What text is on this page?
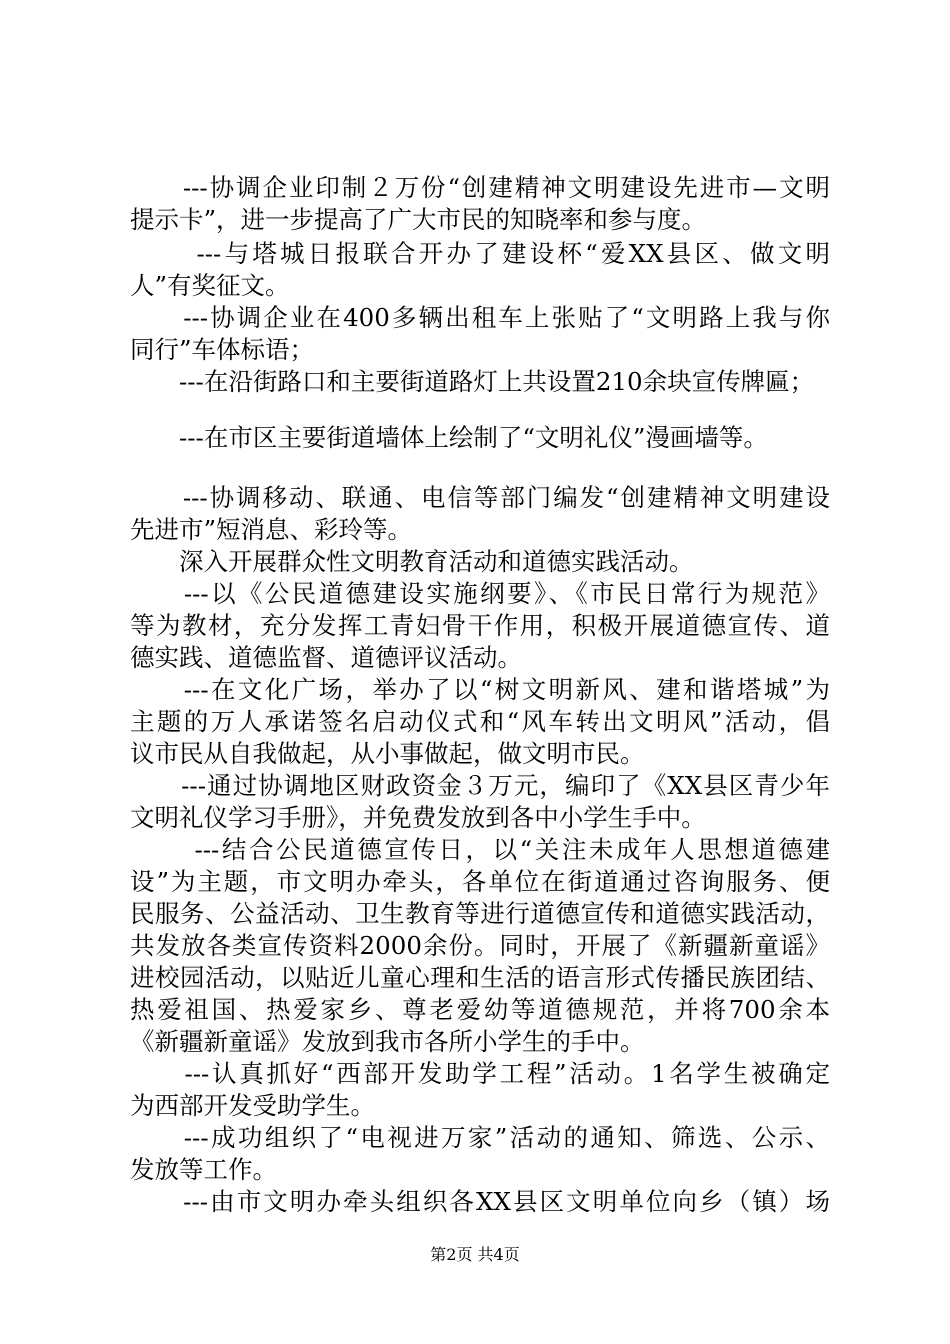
　　---协调企业印制２万份“创建精神文明建设先进市—文明
提示卡”，进一步提高了广大市民的知晓率和参与度。
　　 ---与塔城日报联合开办了建设杯“爱XX县区、做文明
人”有奖征文。
　　---协调企业在400多辆出租车上张贴了“文明路上我与你
同行”车体标语；
　　---在沿街路口和主要街道路灯上共设置210余块宣传牌匾；
　　---在市区主要街道墙体上绘制了“文明礼仪”漫画墙等。
　　---协调移动、联通、电信等部门编发“创建精神文明建设
先进市”短消息、彩玲等。
　　深入开展群众性文明教育活动和道德实践活动。
　　---以《公民道德建设实施纲要》、《市民日常行为规范》
等为教材，充分发挥工青妇骨干作用，积极开展道德宣传、道
德实践、道德监督、道德评议活动。
　　---在文化广场，举办了以“树文明新风、建和谐塔城”为
主题的万人承诺签名启动仪式和“风车转出文明风”活动，倡
议市民从自我做起，从小事做起，做文明市民。
　　---通过协调地区财政资金３万元，编印了《XX县区青少年
文明礼仪学习手册》，并免费发放到各中小学生手中。
　　 ---结合公民道德宣传日，以“关注未成年人思想道德建
设”为主题，市文明办牵头，各单位在街道通过咨询服务、便
民服务、公益活动、卫生教育等进行道德宣传和道德实践活动，
共发放各类宣传资料2000余份。同时，开展了《新疆新童谣》
进校园活动，以贴近儿童心理和生活的语言形式传播民族团结、
热爱祖国、热爱家乡、尊老爱幼等道德规范，并将700余本
《新疆新童谣》发放到我市各所小学生的手中。
　　---认真抓好“西部开发助学工程”活动。1名学生被确定
为西部开发受助学生。
　　---成功组织了“电视进万家”活动的通知、筛选、公示、
发放等工作。
　　---由市文明办牵头组织各XX县区文明单位向乡（镇）场
第2页 共4页
